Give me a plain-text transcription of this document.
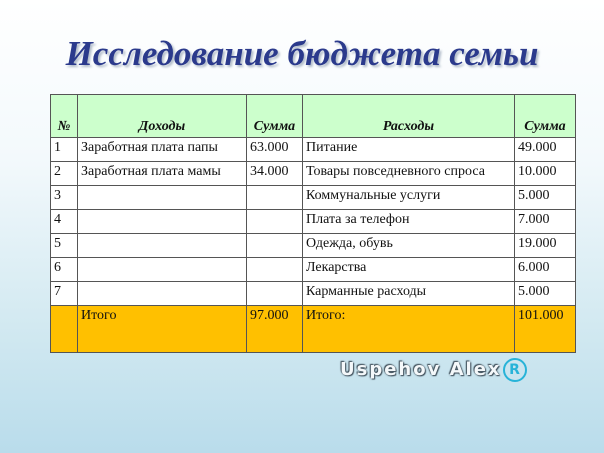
Исследование бюджета семьи
№	Доходы	Сумма	Расходы	Сумма
1	Заработная плата папы	63.000	Питание	49.000
2	Заработная плата мамы	34.000	Товары повседневного спроса	10.000
3			Коммунальные услуги	5.000
4			Плата за телефон	7.000
5			Одежда, обувь	19.000
6			Лекарства	6.000
7			Карманные расходы	5.000
	Итого	97.000	Итого:	101.000
Uspehov Alex R
